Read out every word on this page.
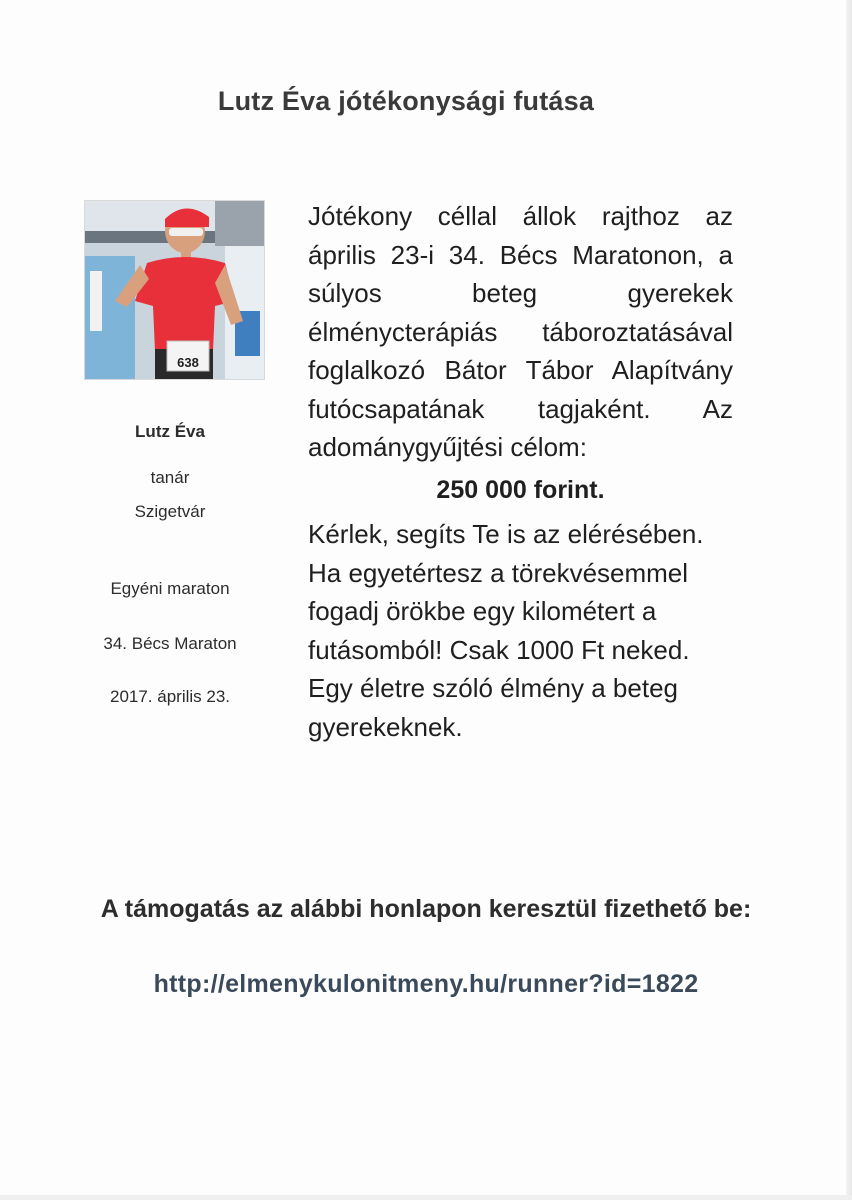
Lutz Éva jótékonysági futása
638
Lutz Éva
tanár
Szigetvár
Egyéni maraton
34. Bécs Maraton
2017. április 23.

Jótékony céllal állok rajthoz az április 23-i 34. Bécs Maratonon, a súlyos beteg gyerekek élménycterápiás táboroztatásával foglalkozó Bátor Tábor Alapítvány futócsapatának tagjaként. Az adománygyűjtési célom:

250 000 forint.

Kérlek, segíts Te is az elérésében. Ha egyetértesz a törekvésemmel fogadj örökbe egy kilométert a futásomból! Csak 1000 Ft neked. Egy életre szóló élmény a beteg gyerekeknek.

A támogatás az alábbi honlapon keresztül fizethető be:
http://elmenykulonitmeny.hu/runner?id=1822
